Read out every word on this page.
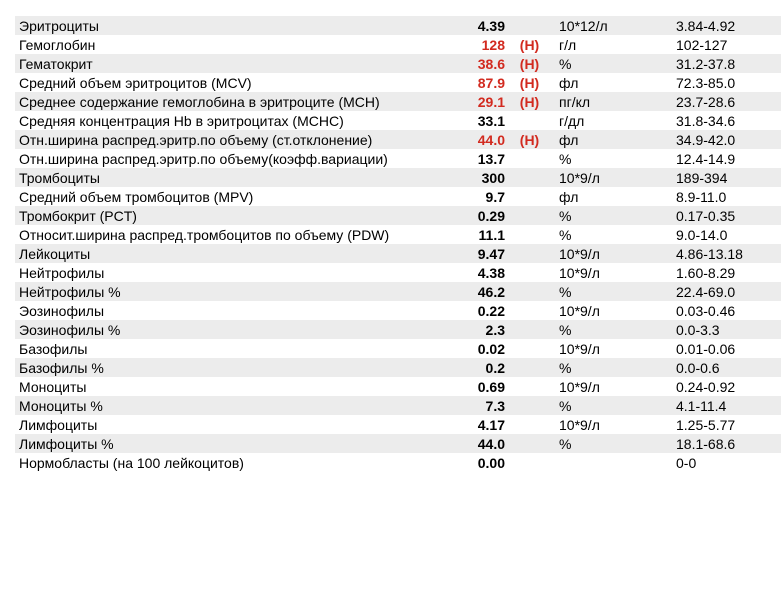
Эритроциты	4.39	10*12/л	3.84-4.92
Гемоглобин	128	(H)	г/л	102-127
Гематокрит	38.6	(H)	%	31.2-37.8
Средний объем эритроцитов (MCV)	87.9	(H)	фл	72.3-85.0
Среднее содержание гемоглобина в эритроците (MCH)	29.1	(H)	пг/кл	23.7-28.6
Средняя концентрация Hb в эритроцитах (MCHC)	33.1	г/дл	31.8-34.6
Отн.ширина распред.эритр.по объему (ст.отклонение)	44.0	(H)	фл	34.9-42.0
Отн.ширина распред.эритр.по объему(коэфф.вариации)	13.7	%	12.4-14.9
Тромбоциты	300	10*9/л	189-394
Средний объем тромбоцитов (MPV)	9.7	фл	8.9-11.0
Тромбокрит (PCT)	0.29	%	0.17-0.35
Относит.ширина распред.тромбоцитов по объему (PDW)	11.1	%	9.0-14.0
Лейкоциты	9.47	10*9/л	4.86-13.18
Нейтрофилы	4.38	10*9/л	1.60-8.29
Нейтрофилы %	46.2	%	22.4-69.0
Эозинофилы	0.22	10*9/л	0.03-0.46
Эозинофилы %	2.3	%	0.0-3.3
Базофилы	0.02	10*9/л	0.01-0.06
Базофилы %	0.2	%	0.0-0.6
Моноциты	0.69	10*9/л	0.24-0.92
Моноциты %	7.3	%	4.1-11.4
Лимфоциты	4.17	10*9/л	1.25-5.77
Лимфоциты %	44.0	%	18.1-68.6
Нормобласты (на 100 лейкоцитов)	0.00	0-0
